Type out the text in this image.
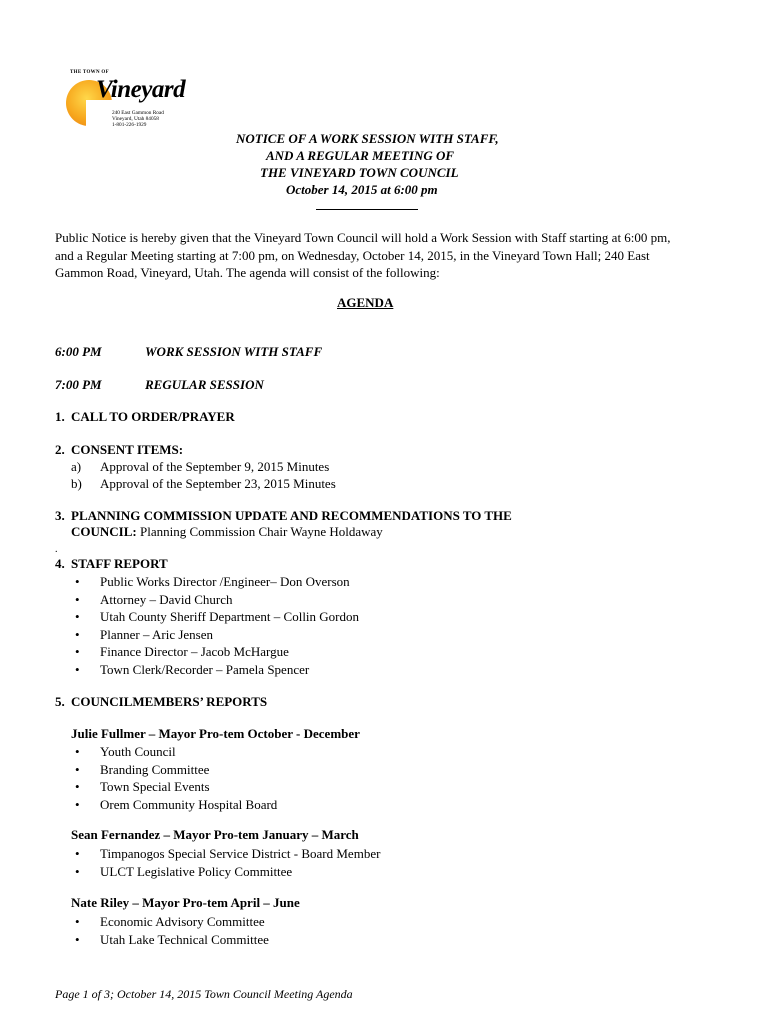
THE TOWN OF
Vineyard
240 East Gammon Road
Vineyard, Utah 84058
1-801-226-1929
NOTICE OF A WORK SESSION WITH STAFF,
AND A REGULAR MEETING OF
THE VINEYARD TOWN COUNCIL
October 14, 2015 at 6:00 pm
Public Notice is hereby given that the Vineyard Town Council will hold a Work Session with Staff starting at 6:00 pm, and a Regular Meeting starting at 7:00 pm, on Wednesday, October 14, 2015, in the Vineyard Town Hall; 240 East Gammon Road, Vineyard, Utah. The agenda will consist of the following:
AGENDA
6:00 PM	WORK SESSION WITH STAFF
7:00 PM	REGULAR SESSION
1. CALL TO ORDER/PRAYER
2. CONSENT ITEMS:
a) Approval of the September 9, 2015 Minutes
b) Approval of the September 23, 2015 Minutes
3. PLANNING COMMISSION UPDATE AND RECOMMENDATIONS TO THE
COUNCIL: Planning Commission Chair Wayne Holdaway
.
4. STAFF REPORT
• Public Works Director /Engineer– Don Overson
• Attorney – David Church
• Utah County Sheriff Department – Collin Gordon
• Planner – Aric Jensen
• Finance Director – Jacob McHargue
• Town Clerk/Recorder – Pamela Spencer
5. COUNCILMEMBERS’ REPORTS
Julie Fullmer – Mayor Pro-tem October - December
• Youth Council
• Branding Committee
• Town Special Events
• Orem Community Hospital Board
Sean Fernandez – Mayor Pro-tem January – March
• Timpanogos Special Service District - Board Member
• ULCT Legislative Policy Committee
Nate Riley – Mayor Pro-tem April – June
• Economic Advisory Committee
• Utah Lake Technical Committee
Page 1 of 3; October 14, 2015 Town Council Meeting Agenda
